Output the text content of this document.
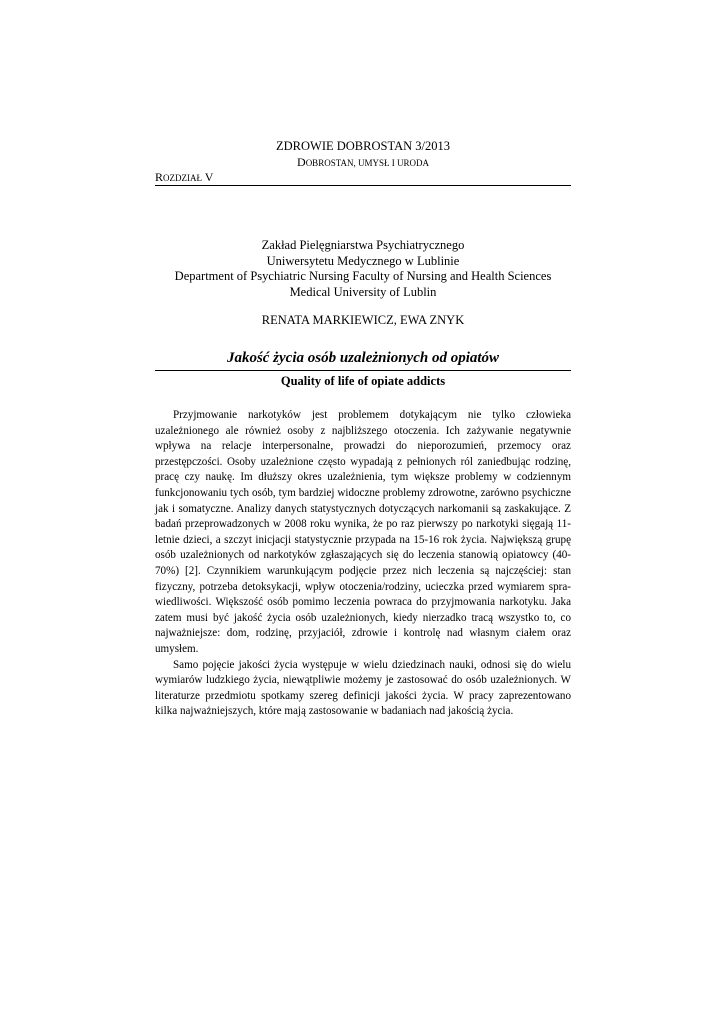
ZDROWIE DOBROSTAN 3/2013
DOBROSTAN, UMYSŁ I URODA
ROZDZIAŁ V
Zakład Pielęgniarstwa Psychiatrycznego
Uniwersytetu Medycznego w Lublinie
Department of Psychiatric Nursing Faculty of Nursing and Health Sciences
Medical University of Lublin
RENATA MARKIEWICZ, EWA ZNYK
Jakość życia osób uzależnionych od opiatów
Quality of life of opiate addicts

Przyjmowanie narkotyków jest problemem dotykającym nie tylko człowieka uzależnionego ale również osoby z najbliższego otoczenia. Ich zażywanie negatywnie wpływa na relacje interpersonalne, prowadzi do nieporozumień, przemocy oraz przestępczości. Osoby uzależnione często wypadają z pełnionych ról zaniedbując rodzinę, pracę czy naukę. Im dłuższy okres uzależnienia, tym większe problemy w codziennym funkcjonowaniu tych osób, tym bardziej widoczne problemy zdrowotne, zarówno psychiczne jak i somatyczne. Analizy danych statystycznych dotyczących narkomanii są zaskakujące. Z badań przeprowadzonych w 2008 roku wynika, że po raz pierwszy po narkotyki sięgają 11- letnie dzieci, a szczyt inicjacji statystycznie przypada na 15-16 rok życia. Największą grupę osób uzależnionych od narkotyków zgłaszających się do leczenia stanowią opiatowcy (40-70%) [2]. Czynnikiem warunkującym podjęcie przez nich leczenia są najczęściej: stan fizyczny, potrzeba detoksykacji, wpływ otoczenia/rodziny, ucieczka przed wymiarem sprawiedliwości. Większość osób pomimo leczenia powraca do przyjmowania narkotyku. Jaka zatem musi być jakość życia osób uzależnionych, kiedy nierzadko tracą wszystko to, co najważniejsze: dom, rodzinę, przyjaciół, zdrowie i kontrolę nad własnym ciałem oraz umysłem.

Samo pojęcie jakości życia występuje w wielu dziedzinach nauki, odnosi się do wielu wymiarów ludzkiego życia, niewątpliwie możemy je zastosować do osób uzależnionych. W literaturze przedmiotu spotkamy szereg definicji jakości życia. W pracy zaprezentowano kilka najważniejszych, które mają zastosowanie w badaniach nad jakością życia.
